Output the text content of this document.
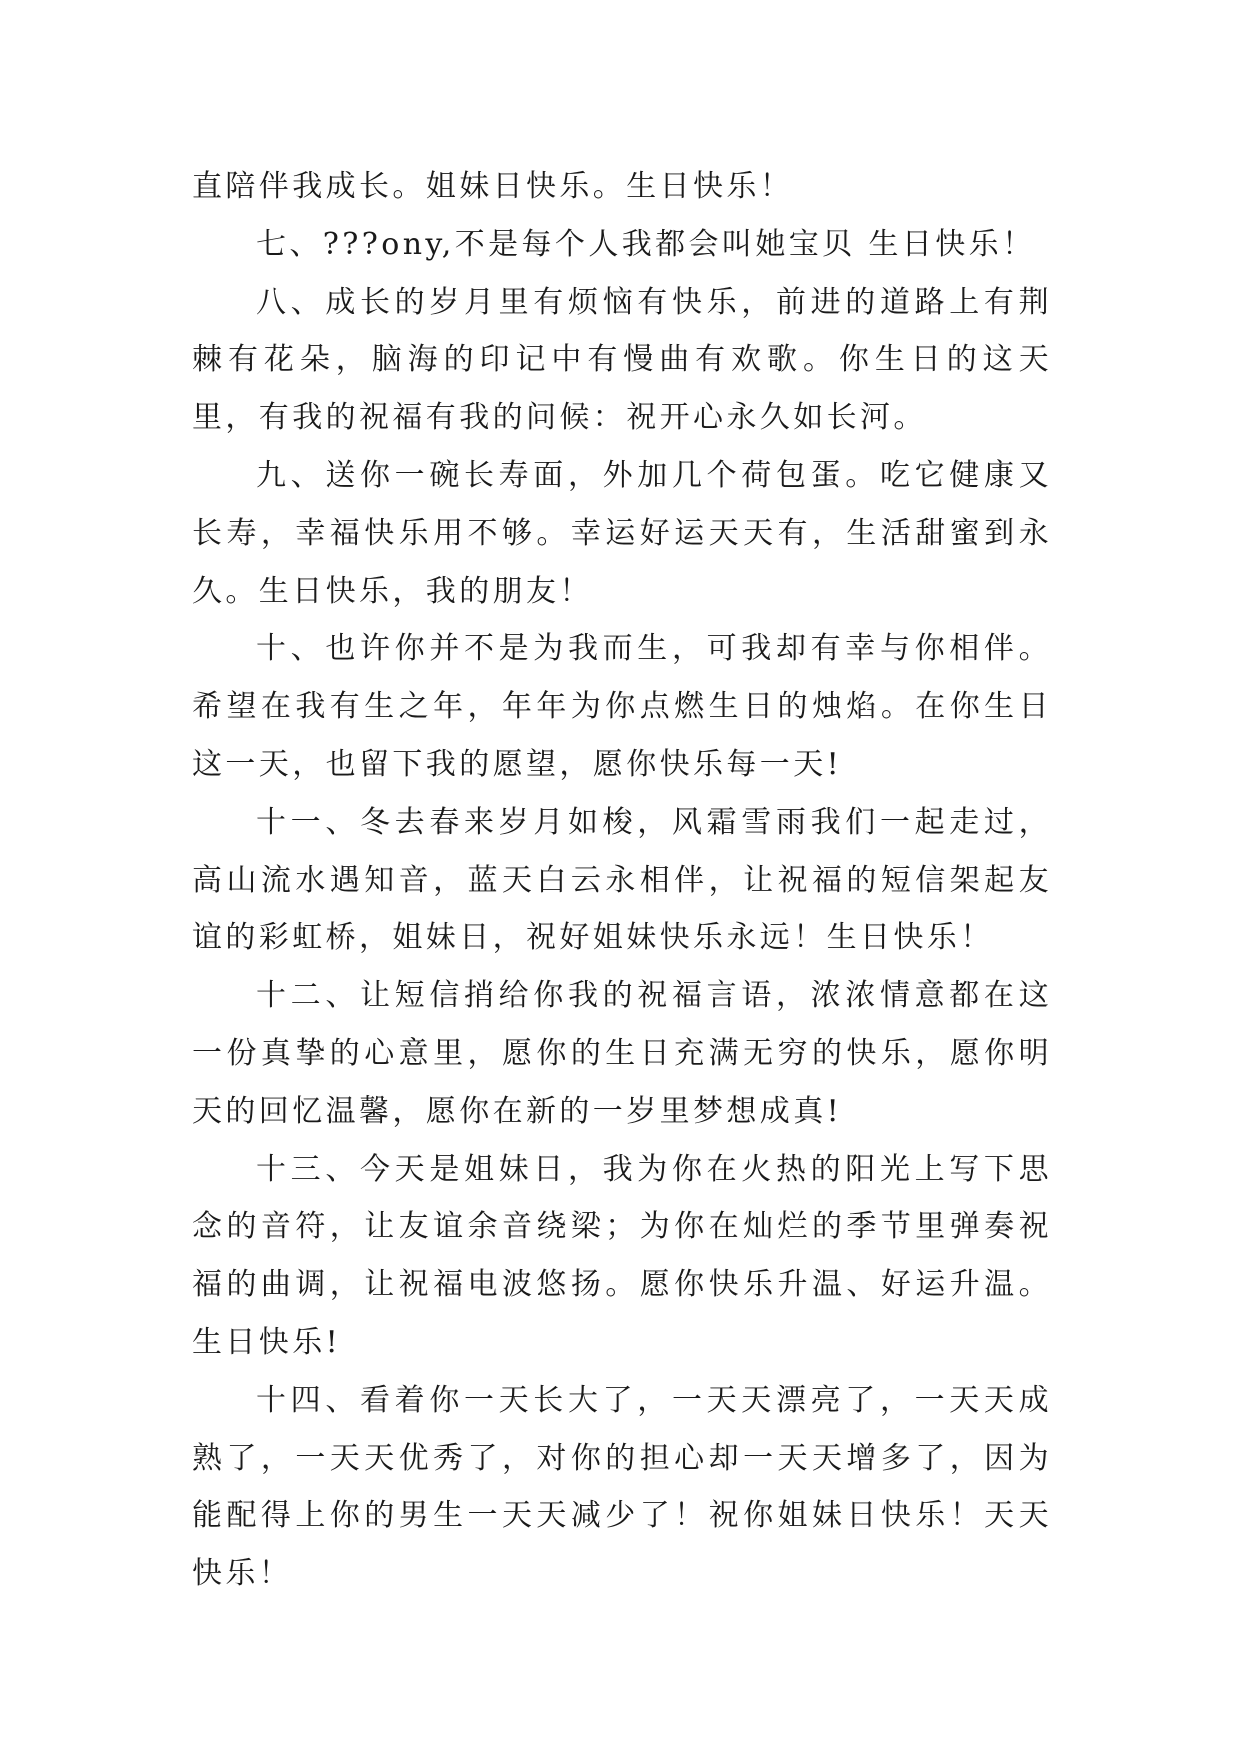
直陪伴我成长。姐妹日快乐。生日快乐！

七、???ony,不是每个人我都会叫她宝贝 生日快乐！

八、成长的岁月里有烦恼有快乐，前进的道路上有荆棘有花朵，脑海的印记中有慢曲有欢歌。你生日的这天里，有我的祝福有我的问候：祝开心永久如长河。

九、送你一碗长寿面，外加几个荷包蛋。吃它健康又长寿，幸福快乐用不够。幸运好运天天有，生活甜蜜到永久。生日快乐，我的朋友！

十、也许你并不是为我而生，可我却有幸与你相伴。希望在我有生之年，年年为你点燃生日的烛焰。在你生日这一天，也留下我的愿望，愿你快乐每一天!

十一、冬去春来岁月如梭，风霜雪雨我们一起走过，高山流水遇知音，蓝天白云永相伴，让祝福的短信架起友谊的彩虹桥，姐妹日，祝好姐妹快乐永远！生日快乐！

十二、让短信捎给你我的祝福言语，浓浓情意都在这一份真挚的心意里，愿你的生日充满无穷的快乐，愿你明天的回忆温馨，愿你在新的一岁里梦想成真!

十三、今天是姐妹日，我为你在火热的阳光上写下思念的音符，让友谊余音绕梁；为你在灿烂的季节里弹奏祝福的曲调，让祝福电波悠扬。愿你快乐升温、好运升温。生日快乐!

十四、看着你一天长大了，一天天漂亮了，一天天成熟了，一天天优秀了，对你的担心却一天天增多了，因为能配得上你的男生一天天减少了！祝你姐妹日快乐！天天快乐！
